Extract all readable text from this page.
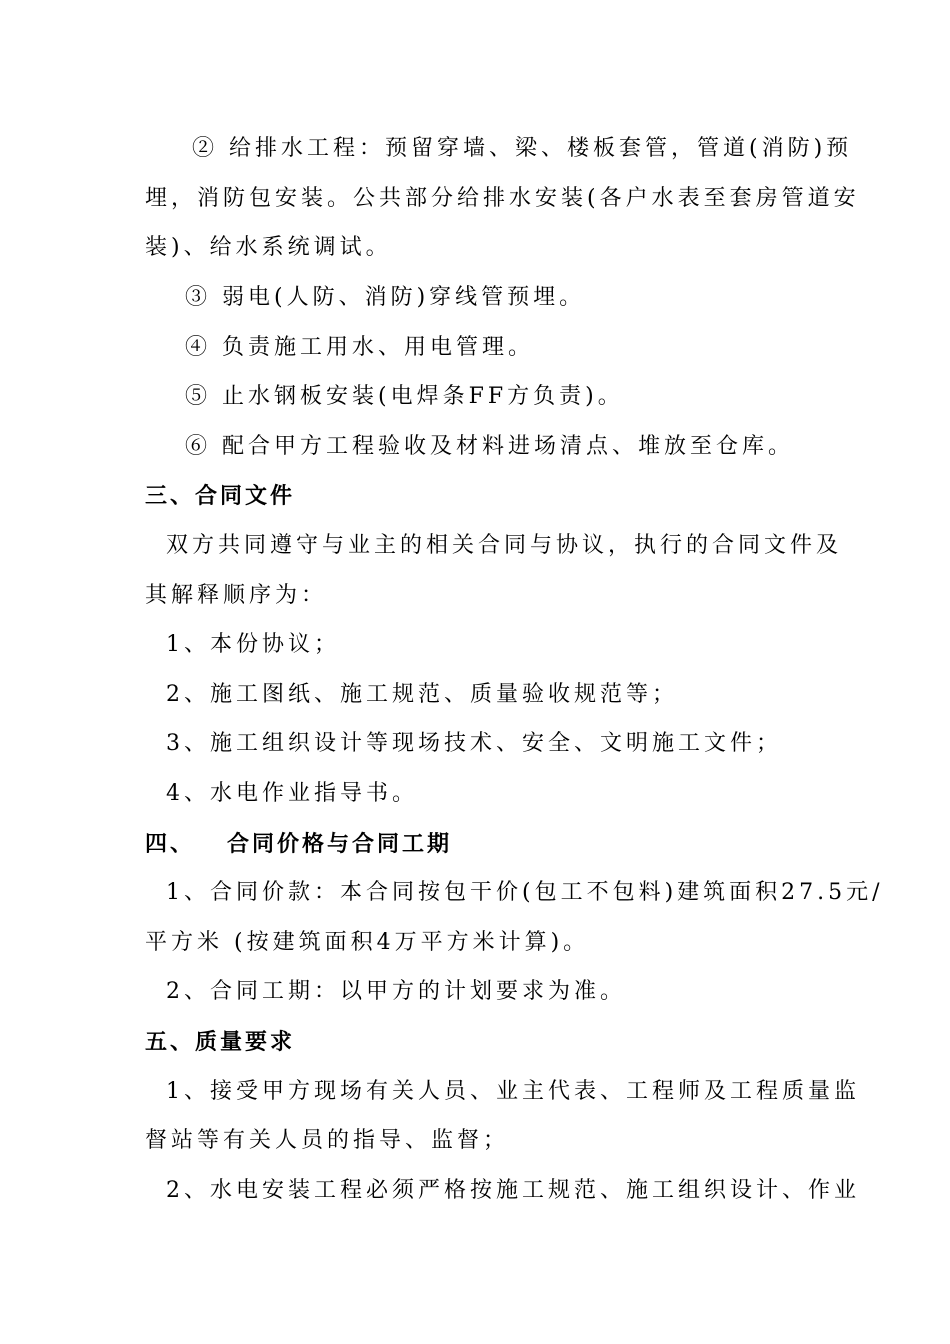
② 给排水工程：预留穿墙、梁、楼板套管，管道(消防)预
埋，消防包安装。公共部分给排水安装(各户水表至套房管道安
装)、给水系统调试。
③ 弱电(人防、消防)穿线管预埋。
④ 负责施工用水、用电管理。
⑤ 止水钢板安装(电焊条FF方负责)。
⑥ 配合甲方工程验收及材料进场清点、堆放至仓库。
三、合同文件
双方共同遵守与业主的相关合同与协议，执行的合同文件及
其解释顺序为：
1、本份协议；
2、施工图纸、施工规范、质量验收规范等；
3、施工组织设计等现场技术、安全、文明施工文件；
4、水电作业指导书。
四、   合同价格与合同工期
1、合同价款：本合同按包干价(包工不包料)建筑面积27.5元/
平方米 (按建筑面积4万平方米计算)。
2、合同工期：以甲方的计划要求为准。
五、质量要求
1、接受甲方现场有关人员、业主代表、工程师及工程质量监
督站等有关人员的指导、监督；
2、水电安装工程必须严格按施工规范、施工组织设计、作业
